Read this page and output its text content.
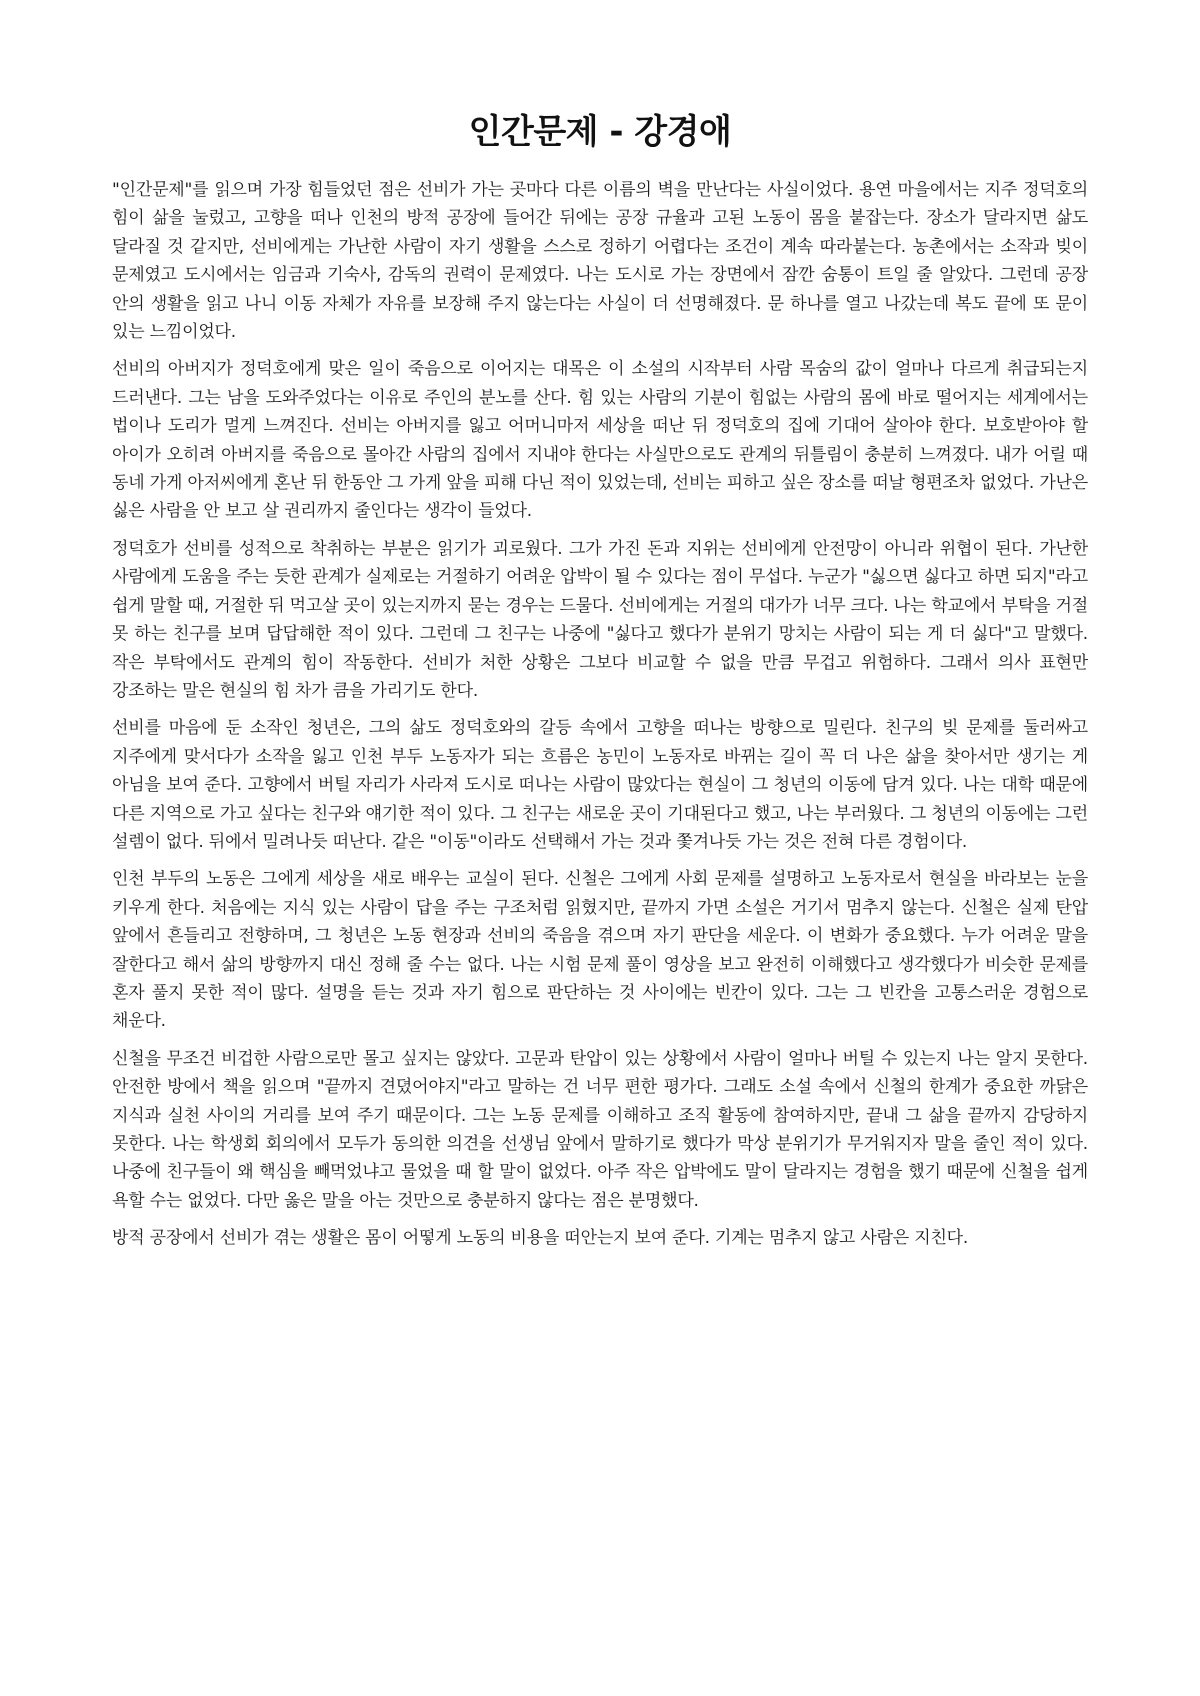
인간문제 - 강경애

"인간문제"를 읽으며 가장 힘들었던 점은 선비가 가는 곳마다 다른 이름의 벽을 만난다는 사실이었다. 용연 마을에서는 지주 정덕호의 힘이 삶을 눌렀고, 고향을 떠나 인천의 방적 공장에 들어간 뒤에는 공장 규율과 고된 노동이 몸을 붙잡는다. 장소가 달라지면 삶도 달라질 것 같지만, 선비에게는 가난한 사람이 자기 생활을 스스로 정하기 어렵다는 조건이 계속 따라붙는다. 농촌에서는 소작과 빚이 문제였고 도시에서는 임금과 기숙사, 감독의 권력이 문제였다. 나는 도시로 가는 장면에서 잠깐 숨통이 트일 줄 알았다. 그런데 공장 안의 생활을 읽고 나니 이동 자체가 자유를 보장해 주지 않는다는 사실이 더 선명해졌다. 문 하나를 열고 나갔는데 복도 끝에 또 문이 있는 느낌이었다.

선비의 아버지가 정덕호에게 맞은 일이 죽음으로 이어지는 대목은 이 소설의 시작부터 사람 목숨의 값이 얼마나 다르게 취급되는지 드러낸다. 그는 남을 도와주었다는 이유로 주인의 분노를 산다. 힘 있는 사람의 기분이 힘없는 사람의 몸에 바로 떨어지는 세계에서는 법이나 도리가 멀게 느껴진다. 선비는 아버지를 잃고 어머니마저 세상을 떠난 뒤 정덕호의 집에 기대어 살아야 한다. 보호받아야 할 아이가 오히려 아버지를 죽음으로 몰아간 사람의 집에서 지내야 한다는 사실만으로도 관계의 뒤틀림이 충분히 느껴졌다. 내가 어릴 때 동네 가게 아저씨에게 혼난 뒤 한동안 그 가게 앞을 피해 다닌 적이 있었는데, 선비는 피하고 싶은 장소를 떠날 형편조차 없었다. 가난은 싫은 사람을 안 보고 살 권리까지 줄인다는 생각이 들었다.

정덕호가 선비를 성적으로 착취하는 부분은 읽기가 괴로웠다. 그가 가진 돈과 지위는 선비에게 안전망이 아니라 위협이 된다. 가난한 사람에게 도움을 주는 듯한 관계가 실제로는 거절하기 어려운 압박이 될 수 있다는 점이 무섭다. 누군가 "싫으면 싫다고 하면 되지"라고 쉽게 말할 때, 거절한 뒤 먹고살 곳이 있는지까지 묻는 경우는 드물다. 선비에게는 거절의 대가가 너무 크다. 나는 학교에서 부탁을 거절 못 하는 친구를 보며 답답해한 적이 있다. 그런데 그 친구는 나중에 "싫다고 했다가 분위기 망치는 사람이 되는 게 더 싫다"고 말했다. 작은 부탁에서도 관계의 힘이 작동한다. 선비가 처한 상황은 그보다 비교할 수 없을 만큼 무겁고 위험하다. 그래서 의사 표현만 강조하는 말은 현실의 힘 차가 큼을 가리기도 한다.

선비를 마음에 둔 소작인 청년은, 그의 삶도 정덕호와의 갈등 속에서 고향을 떠나는 방향으로 밀린다. 친구의 빚 문제를 둘러싸고 지주에게 맞서다가 소작을 잃고 인천 부두 노동자가 되는 흐름은 농민이 노동자로 바뀌는 길이 꼭 더 나은 삶을 찾아서만 생기는 게 아님을 보여 준다. 고향에서 버틸 자리가 사라져 도시로 떠나는 사람이 많았다는 현실이 그 청년의 이동에 담겨 있다. 나는 대학 때문에 다른 지역으로 가고 싶다는 친구와 얘기한 적이 있다. 그 친구는 새로운 곳이 기대된다고 했고, 나는 부러웠다. 그 청년의 이동에는 그런 설렘이 없다. 뒤에서 밀려나듯 떠난다. 같은 "이동"이라도 선택해서 가는 것과 쫓겨나듯 가는 것은 전혀 다른 경험이다.

인천 부두의 노동은 그에게 세상을 새로 배우는 교실이 된다. 신철은 그에게 사회 문제를 설명하고 노동자로서 현실을 바라보는 눈을 키우게 한다. 처음에는 지식 있는 사람이 답을 주는 구조처럼 읽혔지만, 끝까지 가면 소설은 거기서 멈추지 않는다. 신철은 실제 탄압 앞에서 흔들리고 전향하며, 그 청년은 노동 현장과 선비의 죽음을 겪으며 자기 판단을 세운다. 이 변화가 중요했다. 누가 어려운 말을 잘한다고 해서 삶의 방향까지 대신 정해 줄 수는 없다. 나는 시험 문제 풀이 영상을 보고 완전히 이해했다고 생각했다가 비슷한 문제를 혼자 풀지 못한 적이 많다. 설명을 듣는 것과 자기 힘으로 판단하는 것 사이에는 빈칸이 있다. 그는 그 빈칸을 고통스러운 경험으로 채운다.

신철을 무조건 비겁한 사람으로만 몰고 싶지는 않았다. 고문과 탄압이 있는 상황에서 사람이 얼마나 버틸 수 있는지 나는 알지 못한다. 안전한 방에서 책을 읽으며 "끝까지 견뎠어야지"라고 말하는 건 너무 편한 평가다. 그래도 소설 속에서 신철의 한계가 중요한 까닭은 지식과 실천 사이의 거리를 보여 주기 때문이다. 그는 노동 문제를 이해하고 조직 활동에 참여하지만, 끝내 그 삶을 끝까지 감당하지 못한다. 나는 학생회 회의에서 모두가 동의한 의견을 선생님 앞에서 말하기로 했다가 막상 분위기가 무거워지자 말을 줄인 적이 있다. 나중에 친구들이 왜 핵심을 빼먹었냐고 물었을 때 할 말이 없었다. 아주 작은 압박에도 말이 달라지는 경험을 했기 때문에 신철을 쉽게 욕할 수는 없었다. 다만 옳은 말을 아는 것만으로 충분하지 않다는 점은 분명했다.

방적 공장에서 선비가 겪는 생활은 몸이 어떻게 노동의 비용을 떠안는지 보여 준다. 기계는 멈추지 않고 사람은 지친다.
